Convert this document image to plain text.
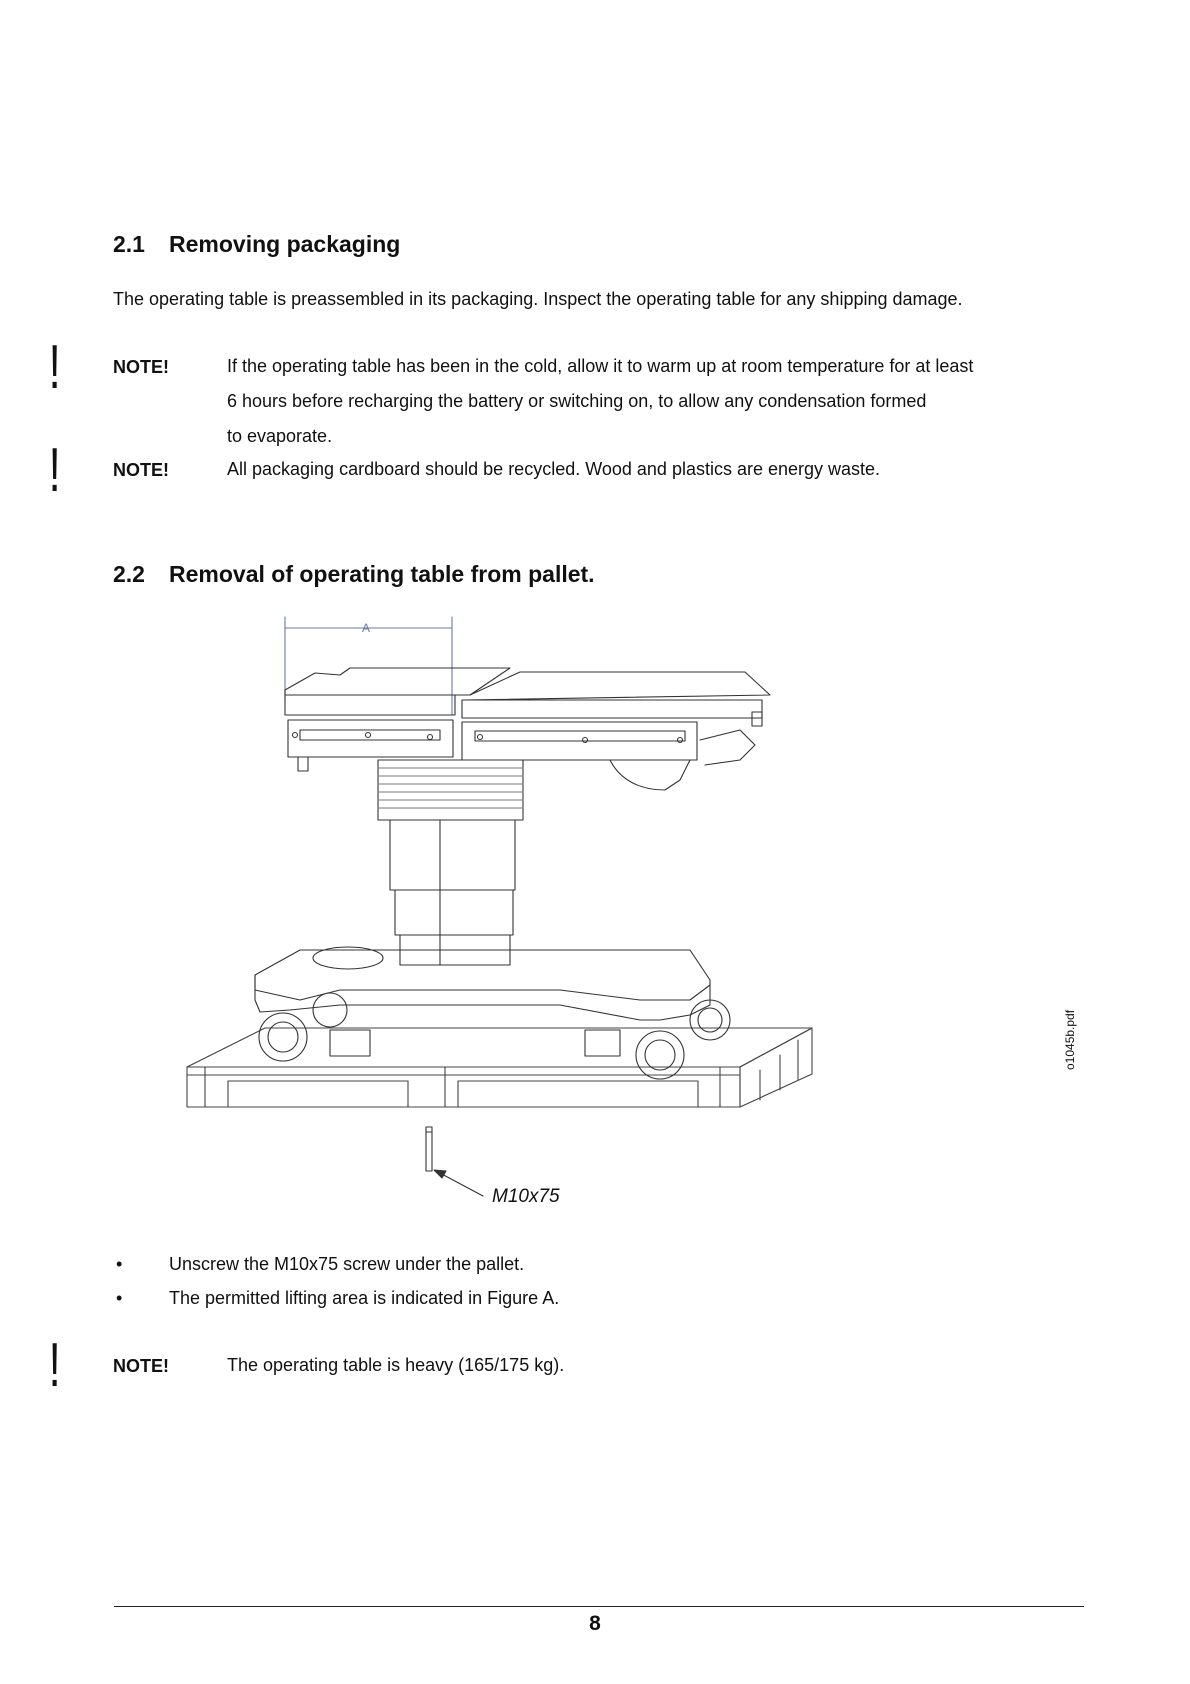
2.1 Removing packaging
The operating table is preassembled in its packaging. Inspect the operating table for any shipping damage.
!	NOTE!	If the operating table has been in the cold, allow it to warm up at room temperature for at least
6 hours before recharging the battery or switching on, to allow any condensation formed
to evaporate.
!	NOTE!	All packaging cardboard should be recycled. Wood and plastics are energy waste.
2.2 Removal of operating table from pallet.
A
M10x75
o1045b.pdf
•	Unscrew the M10x75 screw under the pallet.
•	The permitted lifting area is indicated in Figure A.
!	NOTE!	The operating table is heavy (165/175 kg).
8
